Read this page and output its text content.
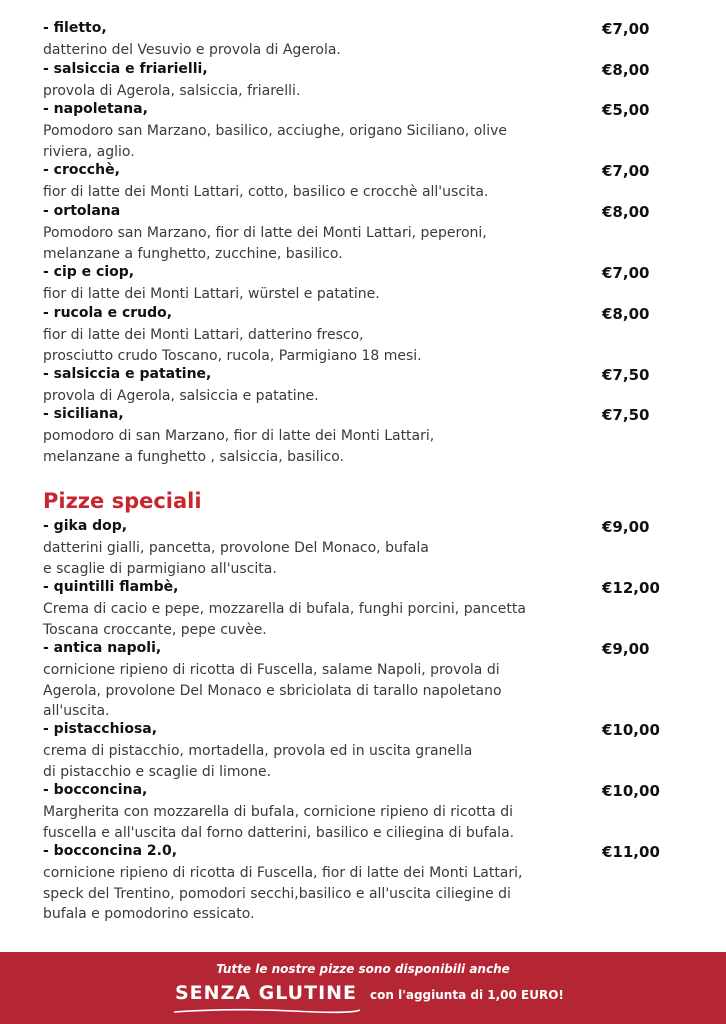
- filetto,	€7,00
datterino del Vesuvio e provola di Agerola.
- salsiccia e friarielli,	€8,00
provola di Agerola, salsiccia, friarelli.
- napoletana,	€5,00
Pomodoro san Marzano, basilico, acciughe, origano Siciliano, olive
riviera, aglio.
- crocchè,	€7,00
fior di latte dei Monti Lattari, cotto, basilico e crocchè all'uscita.
- ortolana	€8,00
Pomodoro san Marzano, fior di latte dei Monti Lattari, peperoni,
melanzane a funghetto, zucchine, basilico.
- cip e ciop,	€7,00
fior di latte dei Monti Lattari, würstel e patatine.
- rucola e crudo,	€8,00
fior di latte dei Monti Lattari, datterino fresco,
prosciutto crudo Toscano, rucola, Parmigiano 18 mesi.
- salsiccia e patatine,	€7,50
provola di Agerola, salsiccia e patatine.
- siciliana,	€7,50
pomodoro di san Marzano, fior di latte dei Monti Lattari,
melanzane a funghetto , salsiccia, basilico.
Pizze speciali
- gika dop,	€9,00
datterini gialli, pancetta, provolone Del Monaco, bufala
e scaglie di parmigiano all'uscita.
- quintilli flambè,	€12,00
Crema di cacio e pepe, mozzarella di bufala, funghi porcini, pancetta
Toscana croccante, pepe cuvèe.
- antica napoli,	€9,00
cornicione ripieno di ricotta di Fuscella, salame Napoli, provola di
Agerola, provolone Del Monaco e sbriciolata di tarallo napoletano
all'uscita.
- pistacchiosa,	€10,00
crema di pistacchio, mortadella, provola ed in uscita granella
di pistacchio e scaglie di limone.
- bocconcina,	€10,00
Margherita con mozzarella di bufala, cornicione ripieno di ricotta di
fuscella e all'uscita dal forno datterini, basilico e ciliegina di bufala.
- bocconcina 2.0,	€11,00
cornicione ripieno di ricotta di Fuscella, fior di latte dei Monti Lattari,
speck del Trentino, pomodori secchi,basilico e all'uscita ciliegine di
bufala e pomodorino essicato.
Tutte le nostre pizze sono disponibili anche
SENZA GLUTINE con l'aggiunta di 1,00 EURO!
